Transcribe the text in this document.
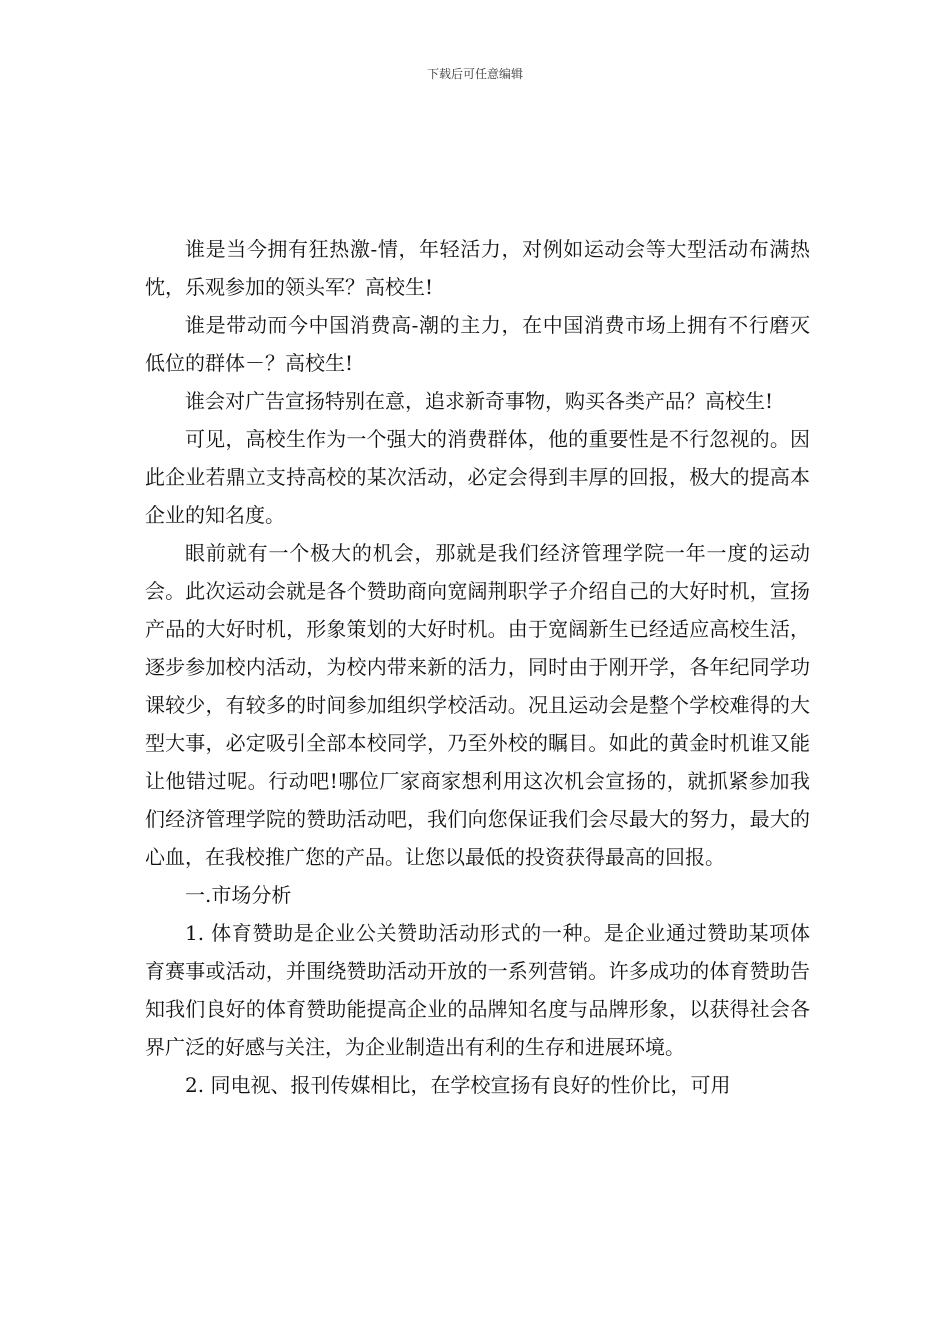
下载后可任意编辑

谁是当今拥有狂热激-情，年轻活力，对例如运动会等大型活动布满热忱，乐观参加的领头军？高校生!

谁是带动而今中国消费高-潮的主力，在中国消费市场上拥有不行磨灭低位的群体－？高校生!

谁会对广告宣扬特别在意，追求新奇事物，购买各类产品？高校生!

可见，高校生作为一个强大的消费群体，他的重要性是不行忽视的。因此企业若鼎立支持高校的某次活动，必定会得到丰厚的回报，极大的提高本企业的知名度。

眼前就有一个极大的机会，那就是我们经济管理学院一年一度的运动会。此次运动会就是各个赞助商向宽阔荆职学子介绍自己的大好时机，宣扬产品的大好时机，形象策划的大好时机。由于宽阔新生已经适应高校生活，逐步参加校内活动，为校内带来新的活力，同时由于刚开学，各年纪同学功课较少，有较多的时间参加组织学校活动。况且运动会是整个学校难得的大型大事，必定吸引全部本校同学，乃至外校的瞩目。如此的黄金时机谁又能让他错过呢。行动吧!哪位厂家商家想利用这次机会宣扬的，就抓紧参加我们经济管理学院的赞助活动吧，我们向您保证我们会尽最大的努力，最大的心血，在我校推广您的产品。让您以最低的投资获得最高的回报。

一.市场分析

1. 体育赞助是企业公关赞助活动形式的一种。是企业通过赞助某项体育赛事或活动，并围绕赞助活动开放的一系列营销。许多成功的体育赞助告知我们良好的体育赞助能提高企业的品牌知名度与品牌形象，以获得社会各界广泛的好感与关注，为企业制造出有利的生存和进展环境。

2. 同电视、报刊传媒相比，在学校宣扬有良好的性价比，可用
